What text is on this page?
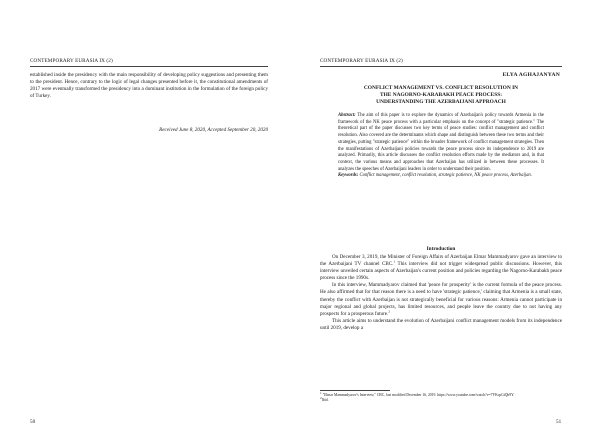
CONTEMPORARY EURASIA IX (2)

established inside the presidency with the main responsibility of developing policy suggestions and presenting them to the president. Hence, contrary to the logic of legal changes presented before it, the constitutional amendments of 2017 were eventually transformed the presidency into a dominant institution in the formulation of the foreign policy of Turkey.

Received June 8, 2020, Accepted September 20, 2020
50
CONTEMPORARY EURASIA IX (2)
ELYA AGHAJANYAN
CONFLICT MANAGEMENT VS. CONFLICT RESOLUTION IN
THE NAGORNO-KARABAKH PEACE PROCESS:
UNDERSTANDING THE AZERBAIJANI APPROACH
Abstract: The aim of this paper is to explore the dynamics of Azerbaijan's policy towards Armenia in the framework of the NK peace process with a particular emphasis on the concept of "strategic patience." The theoretical part of the paper discusses two key terms of peace studies: conflict management and conflict resolution. Also covered are the determinants which shape and distinguish between these two terms and their strategies, putting "strategic patience" within the broader framework of conflict management strategies. Then the manifestations of Azerbaijani policies towards the peace process since its independence to 2019 are analyzed. Primarily, this article discusses the conflict resolution efforts made by the mediators and, in that context, the various means and approaches that Azerbaijan has utilized in between these processes. It analyzes the speeches of Azerbaijani leaders in order to understand their position.
Keywords: Conflict management, conflict resolution, strategic patience, NK peace process, Azerbaijan.
Introduction

On December 3, 2019, the Minister of Foreign Affairs of Azerbaijan Elmar Mammadyarov gave an interview to the Azerbaijani TV channel CBC.$^1$ This interview did not trigger widespread public discussions. However, this interview unveiled certain aspects of Azerbaijan's current position and policies regarding the Nagorno-Karabakh peace process since the 1990s.

In this interview, Mammadyarov claimed that 'peace for prosperity' is the current formula of the peace process. He also affirmed that for that reason there is a need to have 'strategic patience,' claiming that Armenia is a small state, thereby the conflict with Azerbaijan is not strategically beneficial for various reasons: Armenia cannot participate in major regional and global projects, has limited resources, and people leave the country due to not having any prospects for a prosperous future.$^2$

This article aims to understand the evolution of Azerbaijani conflict management models from its independence until 2019, develop a

$^1$ "Elmar Mammadyarov's Interview," CBC, last modified December 16, 2019. https://www.youtube.com/watch?v=7YKqsGtQh9Y.

$^2$Ibid.

51
